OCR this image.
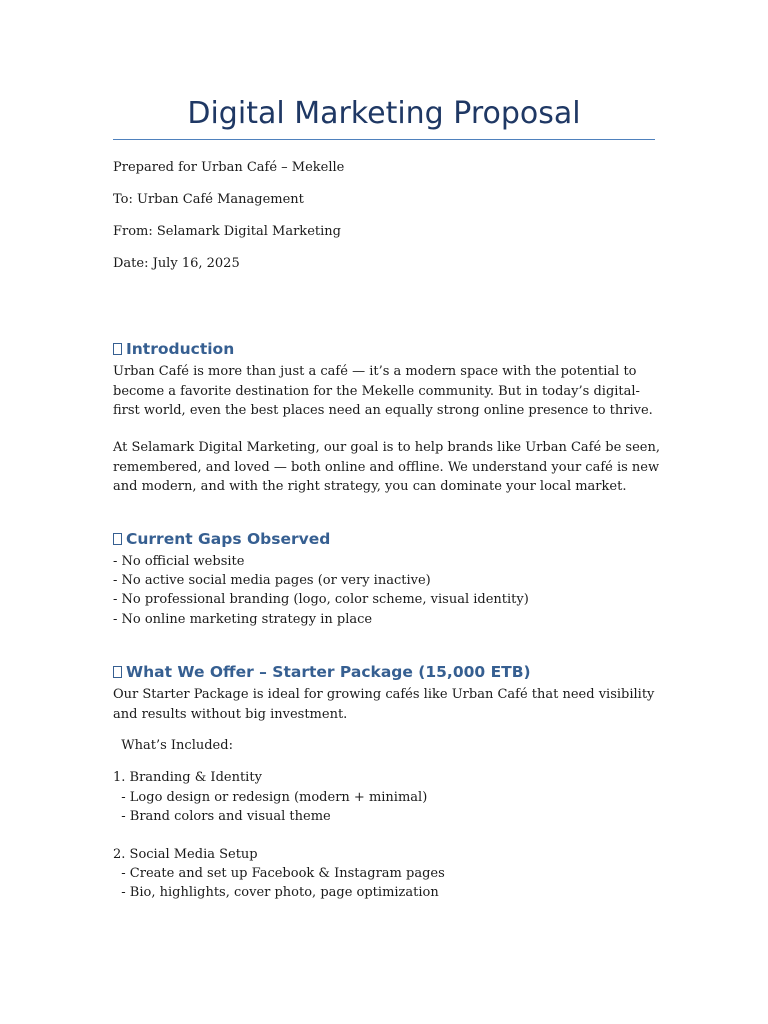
Digital Marketing Proposal
Prepared for Urban Café – Mekelle
To: Urban Café Management
From: Selamark Digital Marketing
Date: July 16, 2025
Introduction
Urban Café is more than just a café — it’s a modern space with the potential to become a favorite destination for the Mekelle community. But in today’s digital-first world, even the best places need an equally strong online presence to thrive.
At Selamark Digital Marketing, our goal is to help brands like Urban Café be seen, remembered, and loved — both online and offline. We understand your café is new and modern, and with the right strategy, you can dominate your local market.
Current Gaps Observed
- No official website
- No active social media pages (or very inactive)
- No professional branding (logo, color scheme, visual identity)
- No online marketing strategy in place
What We Offer – Starter Package (15,000 ETB)
Our Starter Package is ideal for growing cafés like Urban Café that need visibility and results without big investment.
What’s Included:
1. Branding & Identity
- Logo design or redesign (modern + minimal)
- Brand colors and visual theme
2. Social Media Setup
- Create and set up Facebook & Instagram pages
- Bio, highlights, cover photo, page optimization
